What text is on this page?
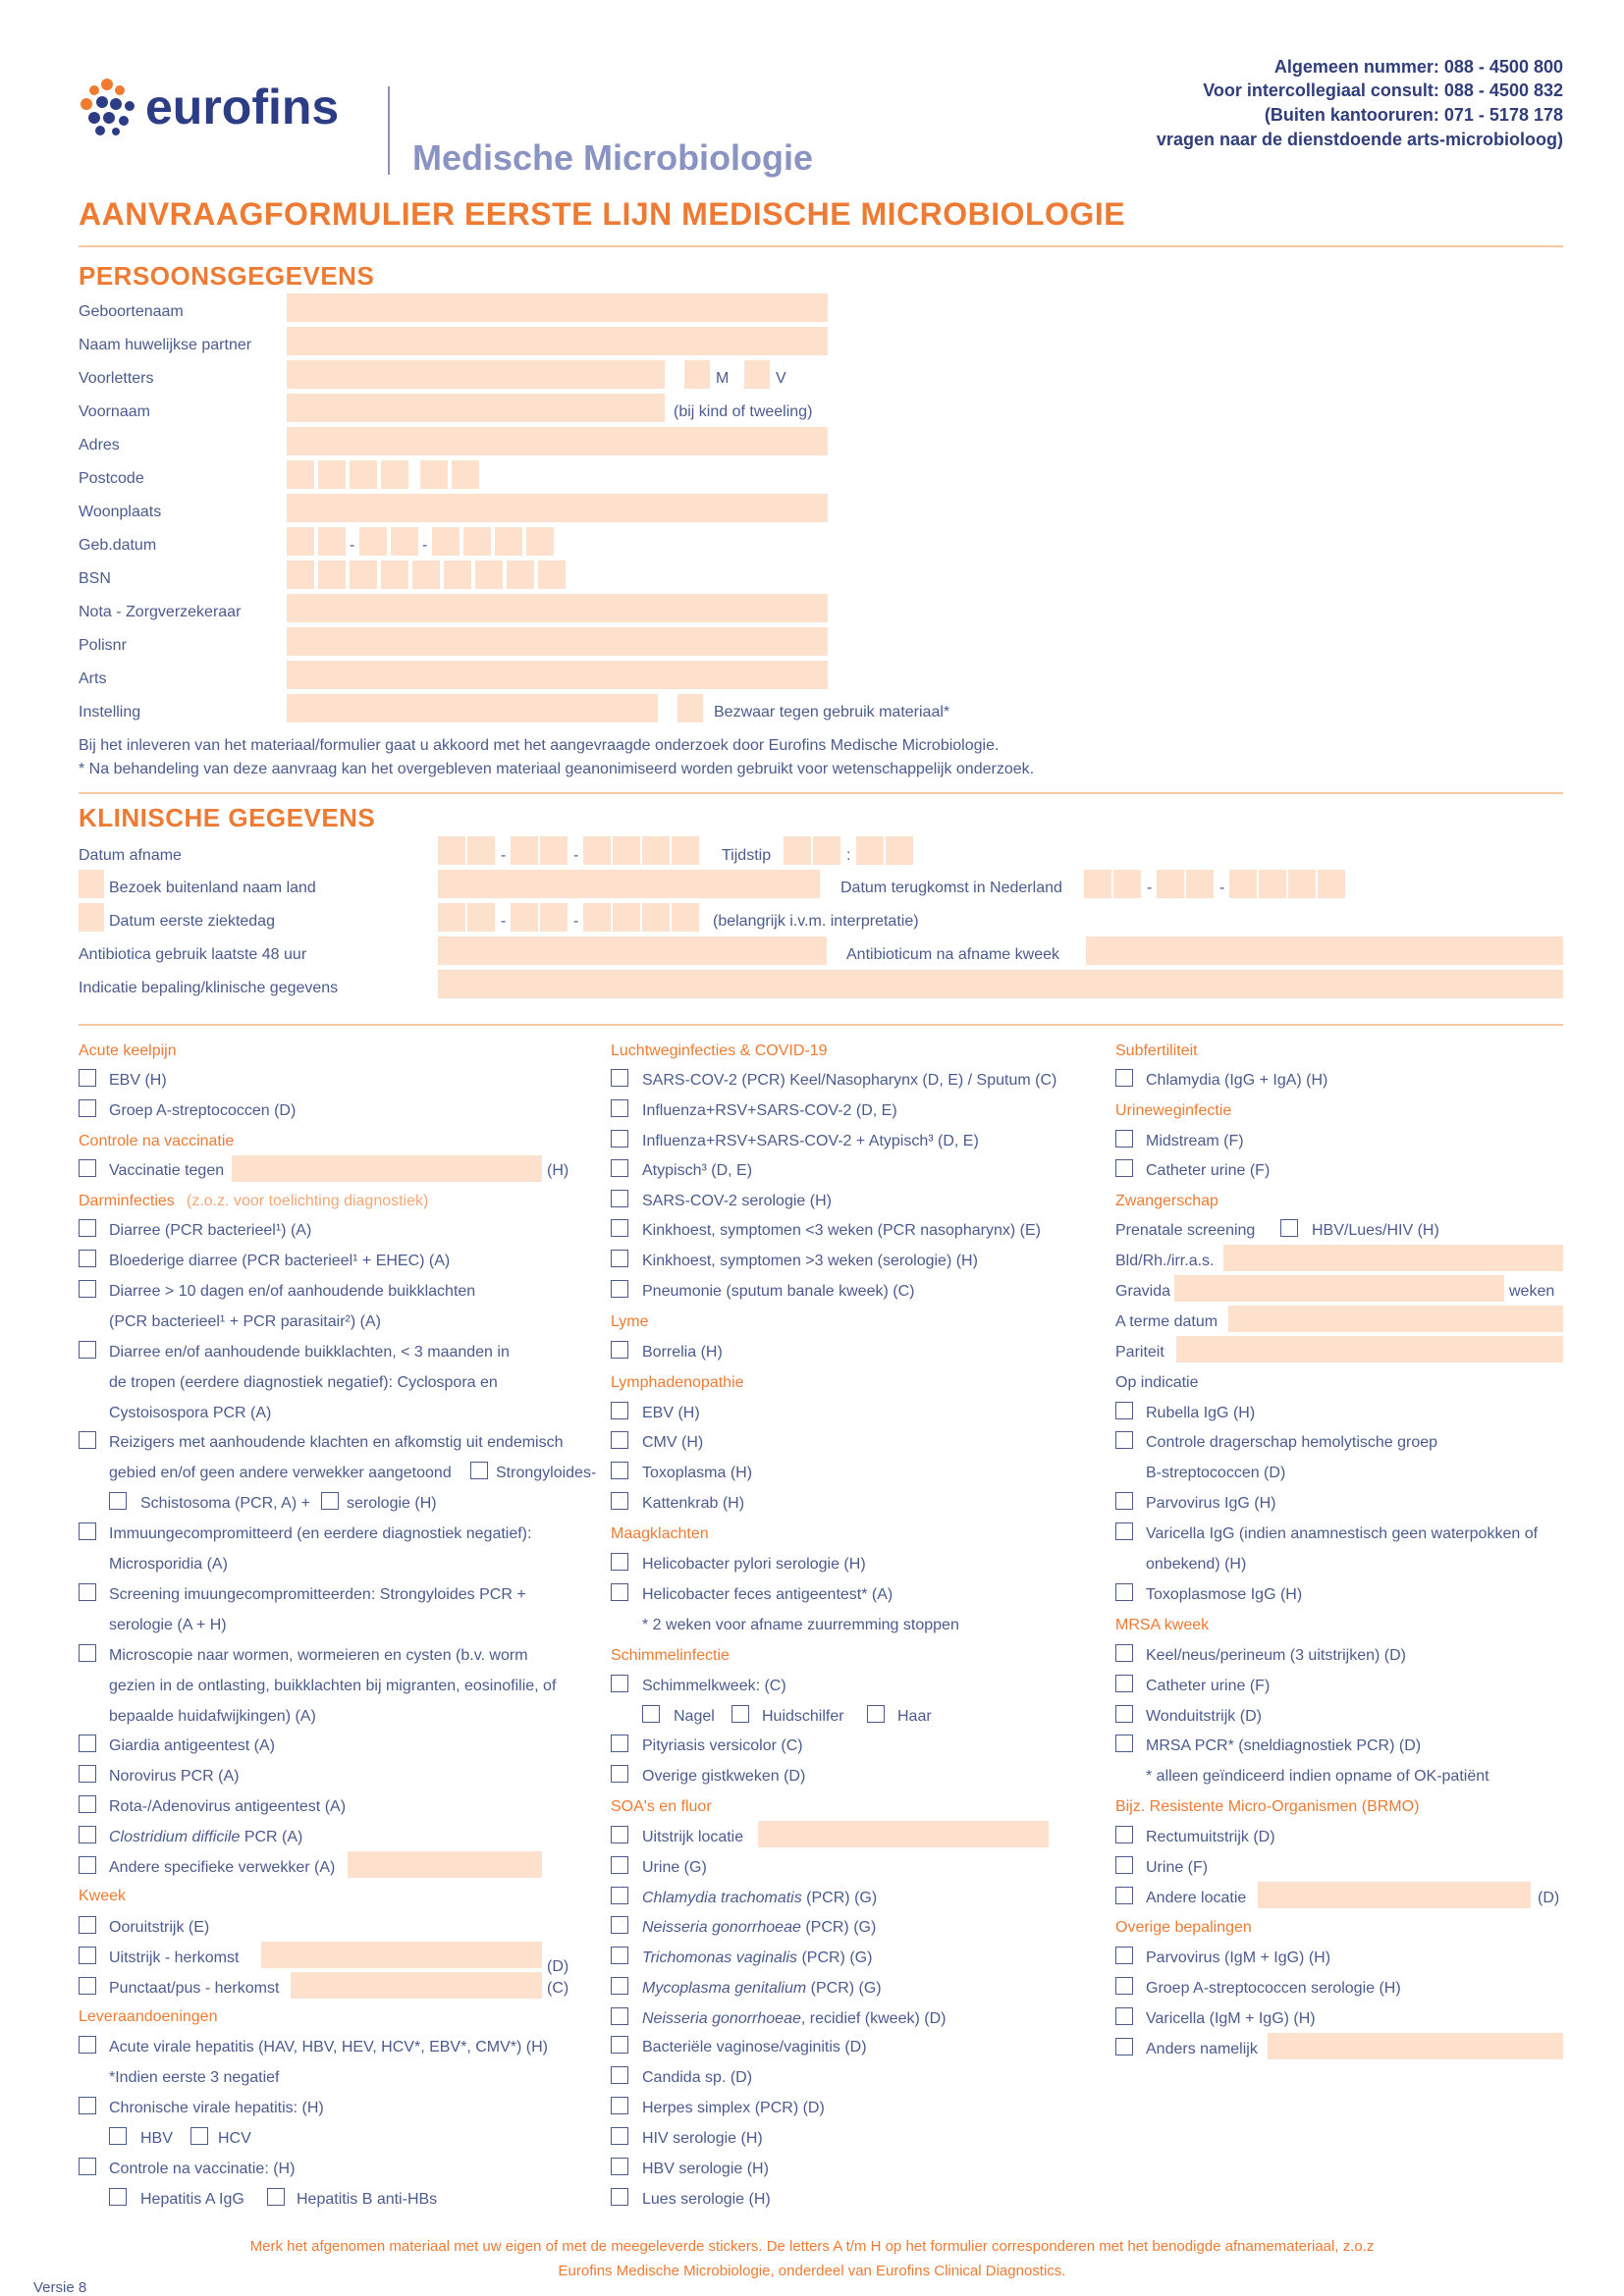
eurofins
Medische Microbiologie
Algemeen nummer: 088 - 4500 800
Voor intercollegiaal consult: 088 - 4500 832
(Buiten kantooruren: 071 - 5178 178
vragen naar de dienstdoende arts-microbioloog)
AANVRAAGFORMULIER EERSTE LIJN MEDISCHE MICROBIOLOGIE
PERSOONSGEGEVENS
Geboortenaam
Naam huwelijkse partner
Voorletters	M	V
Voornaam	(bij kind of tweeling)
Adres
Postcode
Woonplaats
Geb.datum	-	-
BSN
Nota - Zorgverzekeraar
Polisnr
Arts
Instelling	Bezwaar tegen gebruik materiaal*
Bij het inleveren van het materiaal/formulier gaat u akkoord met het aangevraagde onderzoek door Eurofins Medische Microbiologie.
* Na behandeling van deze aanvraag kan het overgebleven materiaal geanonimiseerd worden gebruikt voor wetenschappelijk onderzoek.
KLINISCHE GEGEVENS
Datum afname	-	-	Tijdstip	:
Bezoek buitenland naam land	Datum terugkomst in Nederland	-	-
Datum eerste ziektedag	-	-	(belangrijk i.v.m. interpretatie)
Antibiotica gebruik laatste 48 uur	Antibioticum na afname kweek
Indicatie bepaling/klinische gegevens
Acute keelpijn
EBV (H)
Groep A-streptococcen (D)
Controle na vaccinatie
Vaccinatie tegen	(H)
Darminfecties (z.o.z. voor toelichting diagnostiek)
Diarree (PCR bacterieel¹) (A)
Bloederige diarree (PCR bacterieel¹ + EHEC) (A)
Diarree > 10 dagen en/of aanhoudende buikklachten
(PCR bacterieel¹ + PCR parasitair²) (A)
Diarree en/of aanhoudende buikklachten, < 3 maanden in
de tropen (eerdere diagnostiek negatief): Cyclospora en
Cystoisospora PCR (A)
Reizigers met aanhoudende klachten en afkomstig uit endemisch
gebied en/of geen andere verwekker aangetoond	Strongyloides-
Schistosoma (PCR, A) + serologie (H)
Immuungecompromitteerd (en eerdere diagnostiek negatief):
Microsporidia (A)
Screening imuungecompromitteerden: Strongyloides PCR +
serologie (A + H)
Microscopie naar wormen, wormeieren en cysten (b.v. worm
gezien in de ontlasting, buikklachten bij migranten, eosinofilie, of
bepaalde huidafwijkingen) (A)
Giardia antigeentest (A)
Norovirus PCR (A)
Rota-/Adenovirus antigeentest (A)
Clostridium difficile PCR (A)
Andere specifieke verwekker (A)
Kweek
Ooruitstrijk (E)
Uitstrijk - herkomst
(D)
Punctaat/pus - herkomst	(C)
Leveraandoeningen
Acute virale hepatitis (HAV, HBV, HEV, HCV*, EBV*, CMV*) (H)
*Indien eerste 3 negatief
Chronische virale hepatitis: (H)
HBV	HCV
Controle na vaccinatie: (H)
Hepatitis A IgG	Hepatitis B anti-HBs
Luchtweginfecties & COVID-19
SARS-COV-2 (PCR) Keel/Nasopharynx (D, E) / Sputum (C)
Influenza+RSV+SARS-COV-2 (D, E)
Influenza+RSV+SARS-COV-2 + Atypisch³ (D, E)
Atypisch³ (D, E)
SARS-COV-2 serologie (H)
Kinkhoest, symptomen <3 weken (PCR nasopharynx) (E)
Kinkhoest, symptomen >3 weken (serologie) (H)
Pneumonie (sputum banale kweek) (C)
Lyme
Borrelia (H)
Lymphadenopathie
EBV (H)
CMV (H)
Toxoplasma (H)
Kattenkrab (H)
Maagklachten
Helicobacter pylori serologie (H)
Helicobacter feces antigeentest* (A)
* 2 weken voor afname zuurremming stoppen
Schimmelinfectie
Schimmelkweek: (C)
Nagel	Huidschilfer	Haar
Pityriasis versicolor (C)
Overige gistkweken (D)
SOA's en fluor
Uitstrijk locatie
Urine (G)
Chlamydia trachomatis (PCR) (G)
Neisseria gonorrhoeae (PCR) (G)
Trichomonas vaginalis (PCR) (G)
Mycoplasma genitalium (PCR) (G)
Neisseria gonorrhoeae, recidief (kweek) (D)
Bacteriële vaginose/vaginitis (D)
Candida sp. (D)
Herpes simplex (PCR) (D)
HIV serologie (H)
HBV serologie (H)
Lues serologie (H)
Subfertiliteit
Chlamydia (IgG + IgA) (H)
Urineweginfectie
Midstream (F)
Catheter urine (F)
Zwangerschap
Prenatale screening	HBV/Lues/HIV (H)
Bld/Rh./irr.a.s.
Gravida	weken
A terme datum
Pariteit
Op indicatie
Rubella IgG (H)
Controle dragerschap hemolytische groep
B-streptococcen (D)
Parvovirus IgG (H)
Varicella IgG (indien anamnestisch geen waterpokken of
onbekend) (H)
Toxoplasmose IgG (H)
MRSA kweek
Keel/neus/perineum (3 uitstrijken) (D)
Catheter urine (F)
Wonduitstrijk (D)
MRSA PCR* (sneldiagnostiek PCR) (D)
* alleen geïndiceerd indien opname of OK-patiënt
Bijz. Resistente Micro-Organismen (BRMO)
Rectumuitstrijk (D)
Urine (F)
Andere locatie	(D)
Overige bepalingen
Parvovirus (IgM + IgG) (H)
Groep A-streptococcen serologie (H)
Varicella (IgM + IgG) (H)
Anders namelijk
Merk het afgenomen materiaal met uw eigen of met de meegeleverde stickers. De letters A t/m H op het formulier corresponderen met het benodigde afnamemateriaal, z.o.z
Eurofins Medische Microbiologie, onderdeel van Eurofins Clinical Diagnostics.
Versie 8
